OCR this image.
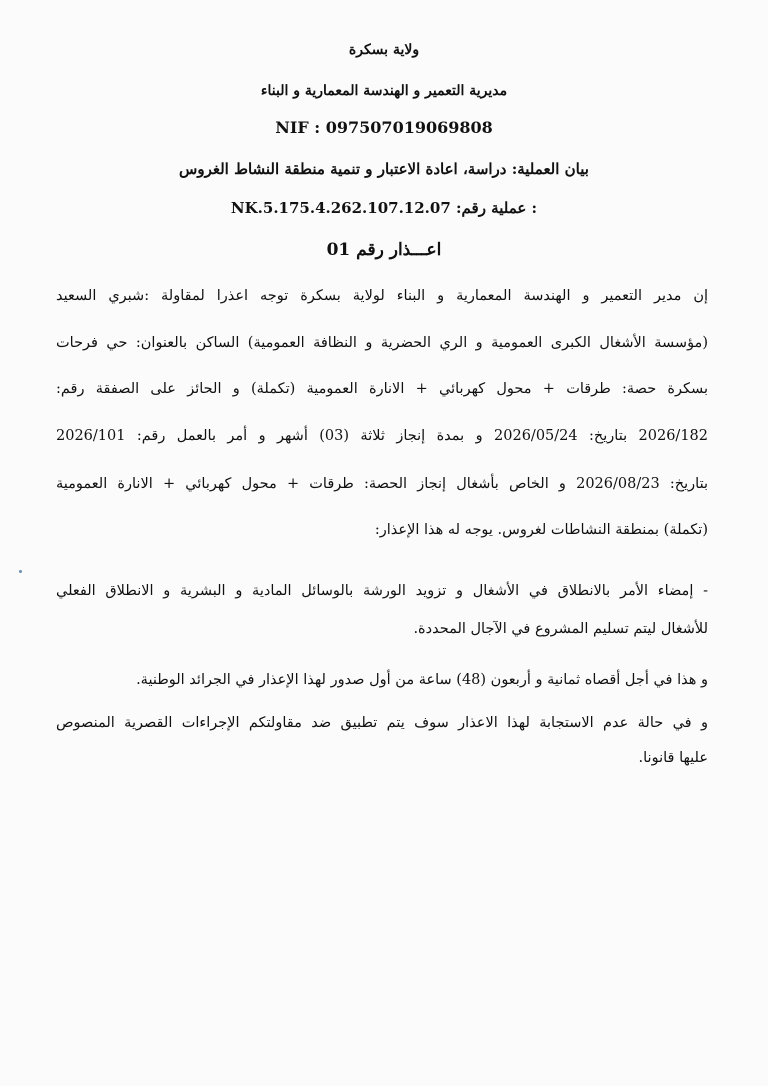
ولاية بسكرة
مديرية التعمير و الهندسة المعمارية و البناء
NIF : 097507019069808
بيان العملية: دراسة، اعادة الاعتبار و تنمية منطقة النشاط الغروس
: عملية رقم: NK.5.175.4.262.107.12.07
اعـــذار رقم 01
إن مدير التعمير و الهندسة المعمارية و البناء لولاية بسكرة توجه اعذرا لمقاولة :شبري السعيد
(مؤسسة الأشغال الكبرى العمومية و الري الحضرية و النظافة العمومية) الساكن بالعنوان: حي فرحات
بسكرة حصة: طرقات + محول كهربائي + الانارة العمومية (تكملة) و الحائز على الصفقة رقم:
2026/182 بتاريخ: 2026/05/24 و بمدة إنجاز ثلاثة (03) أشهر و أمر بالعمل رقم: 2026/101
بتاريخ: 2026/08/23 و الخاص بأشغال إنجاز الحصة: طرقات + محول كهربائي + الانارة العمومية
(تكملة) بمنطقة النشاطات لغروس. يوجه له هذا الإعذار:
- إمضاء الأمر بالانطلاق في الأشغال و تزويد الورشة بالوسائل المادية و البشرية و الانطلاق الفعلي
للأشغال ليتم تسليم المشروع في الآجال المحددة.
و هذا في أجل أقصاه ثمانية و أربعون (48) ساعة من أول صدور لهذا الإعذار في الجرائد الوطنية.
و في حالة عدم الاستجابة لهذا الاعذار سوف يتم تطبيق ضد مقاولتكم الإجراءات القصرية المنصوص
عليها قانونا.
